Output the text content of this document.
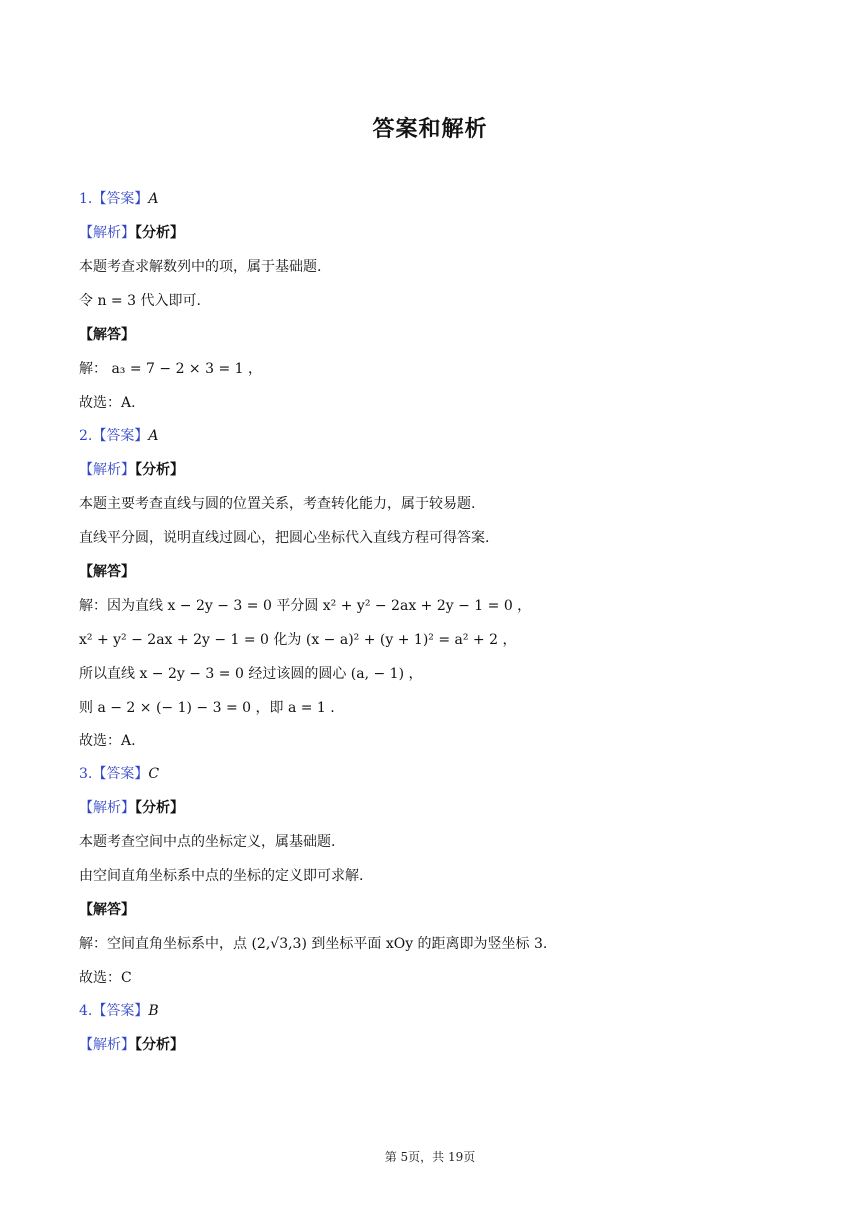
答案和解析
1.【答案】A
【解析】【分析】
本题考查求解数列中的项，属于基础题.
令 n = 3 代入即可.
【解答】
解： a₃ = 7 − 2 × 3 = 1 ，
故选：A.
2.【答案】A
【解析】【分析】
本题主要考查直线与圆的位置关系，考查转化能力，属于较易题.
直线平分圆，说明直线过圆心，把圆心坐标代入直线方程可得答案.
【解答】
解：因为直线 x − 2y − 3 = 0 平分圆 x² + y² − 2ax + 2y − 1 = 0 ，
x² + y² − 2ax + 2y − 1 = 0 化为 (x − a)² + (y + 1)² = a² + 2 ，
所以直线 x − 2y − 3 = 0 经过该圆的圆心 (a, − 1) ，
则 a − 2 × (− 1) − 3 = 0 ，即 a = 1 .
故选：A.
3.【答案】C
【解析】【分析】
本题考查空间中点的坐标定义，属基础题.
由空间直角坐标系中点的坐标的定义即可求解.
【解答】
解：空间直角坐标系中，点 (2,√3,3) 到坐标平面 xOy 的距离即为竖坐标 3.
故选：C
4.【答案】B
【解析】【分析】
第 5页，共 19页
